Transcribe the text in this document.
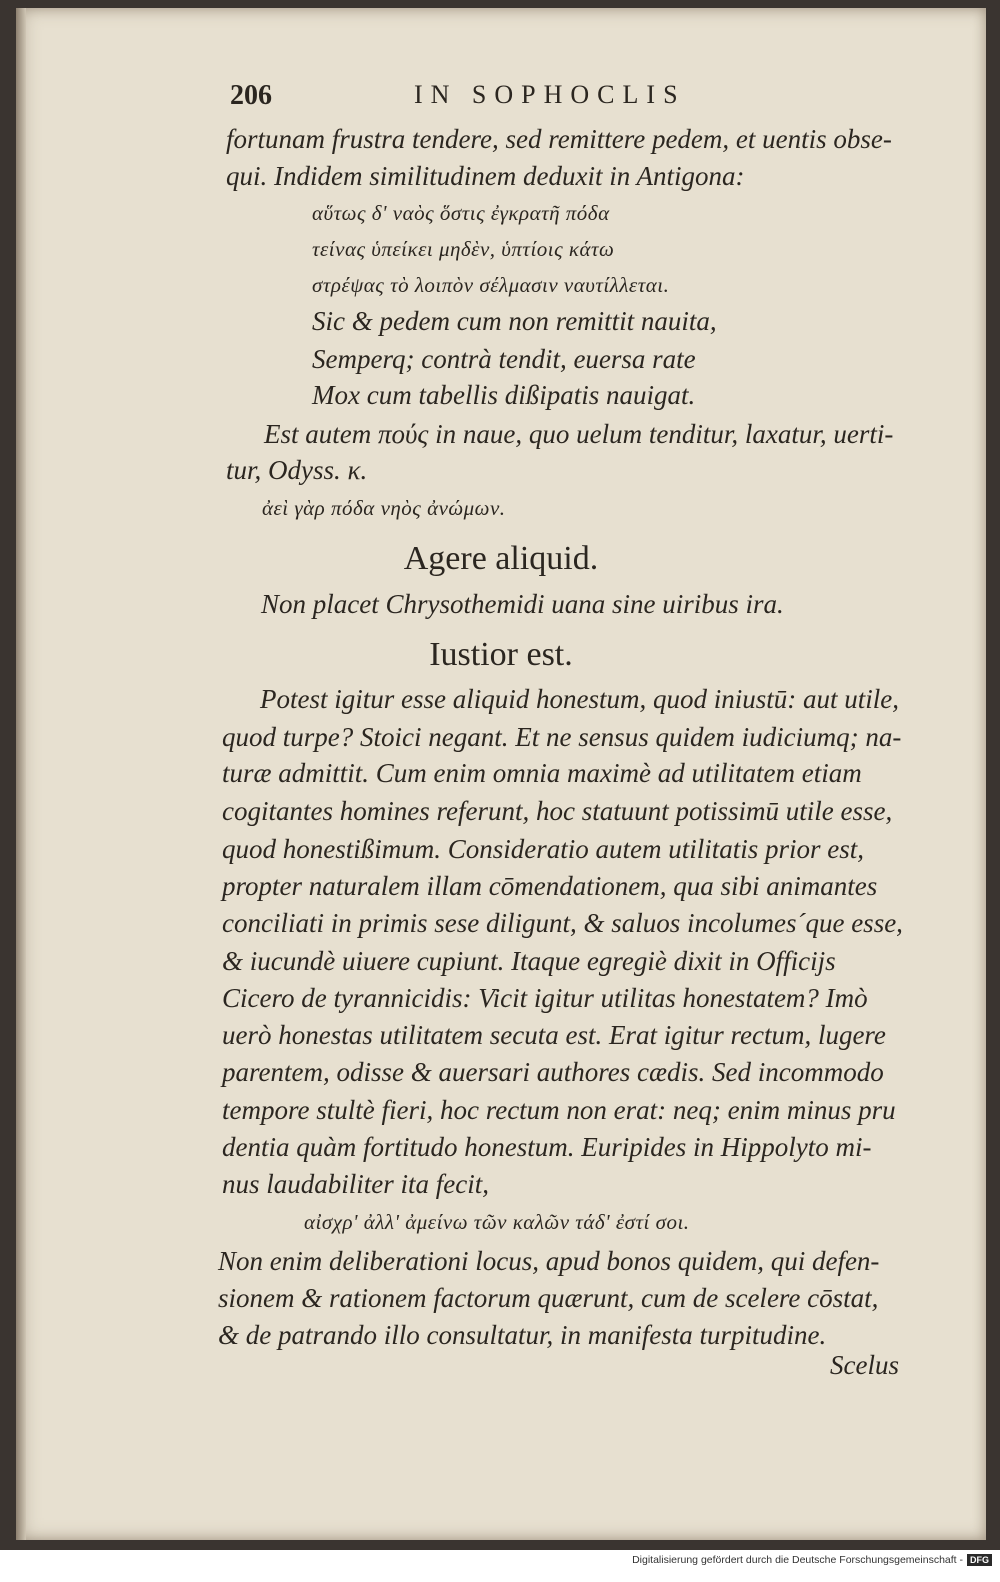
206	IN SOPHOCLIS
fortunam frustra tendere, sed remittere pedem, et uentis obse-
qui. Indidem similitudinem deduxit in Antigona:
αὕτως δ' ναὸς ὅστις ἐγκρατῆ πόδα
τείνας ὑπείκει μηδὲν, ὑπτίοις κάτω
στρέψας τὸ λοιπὸν σέλμασιν ναυτίλλεται.
Sic & pedem cum non remittit nauita,
Semperq; contrà tendit, euersa rate
Mox cum tabellis dißipatis nauigat.
Est autem πούς in naue, quo uelum tenditur, laxatur, uerti-
tur, Odyss. κ.
ἀεὶ γὰρ πόδα νηὸς ἀνώμων.
Agere aliquid.
Non placet Chrysothemidi uana sine uiribus ira.
Iustior est.
Potest igitur esse aliquid honestum, quod iniustū: aut utile,
quod turpe? Stoici negant. Et ne sensus quidem iudiciumq; na-
turæ admittit. Cum enim omnia maximè ad utilitatem etiam
cogitantes homines referunt, hoc statuunt potissimū utile esse,
quod honestißimum. Consideratio autem utilitatis prior est,
propter naturalem illam cōmendationem, qua sibi animantes
conciliati in primis sese diligunt, & saluos incolumes´que esse,
& iucundè uiuere cupiunt. Itaque egregiè dixit in Officijs
Cicero de tyrannicidis: Vicit igitur utilitas honestatem? Imò
uerò honestas utilitatem secuta est. Erat igitur rectum, lugere
parentem, odisse & auersari authores cædis. Sed incommodo
tempore stultè fieri, hoc rectum non erat: neq; enim minus pru
dentia quàm fortitudo honestum. Euripides in Hippolyto mi-
nus laudabiliter ita fecit,
αἰσχρ' ἀλλ' ἀμείνω τῶν καλῶν τάδ' ἐστί σοι.
Non enim deliberationi locus, apud bonos quidem, qui defen-
sionem & rationem factorum quærunt, cum de scelere cōstat,
& de patrando illo consultatur, in manifesta turpitudine.
Scelus
Digitalisierung gefördert durch die Deutsche Forschungsgemeinschaft - DFG
